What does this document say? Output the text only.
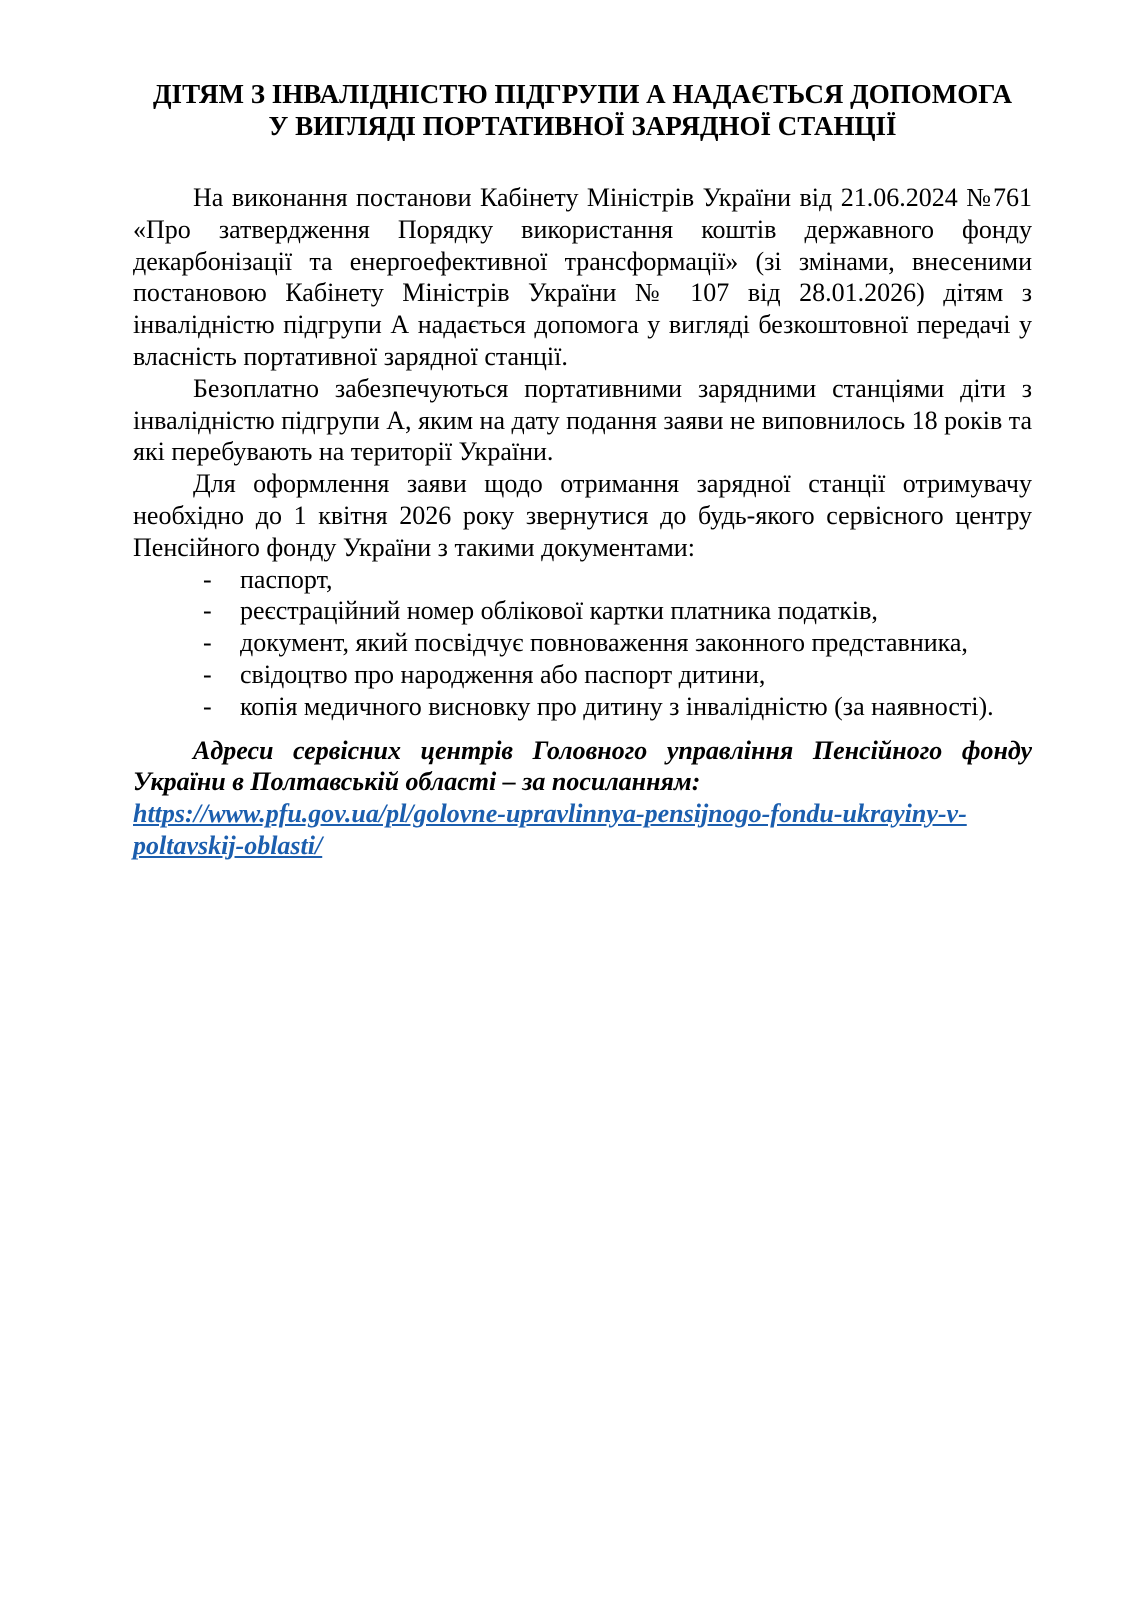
ДІТЯМ З ІНВАЛІДНІСТЮ ПІДГРУПИ А НАДАЄТЬСЯ ДОПОМОГА
У ВИГЛЯДІ ПОРТАТИВНОЇ ЗАРЯДНОЇ СТАНЦІЇ

На виконання постанови Кабінету Міністрів України від 21.06.2024 №761 «Про затвердження Порядку використання коштів державного фонду декарбонізації та енергоефективної трансформації» (зі змінами, внесеними постановою Кабінету Міністрів України № 107 від 28.01.2026) дітям з інвалідністю підгрупи А надається допомога у вигляді безкоштовної передачі у власність портативної зарядної станції.

Безоплатно забезпечуються портативними зарядними станціями діти з інвалідністю підгрупи А, яким на дату подання заяви не виповнилось 18 років та які перебувають на території України.

Для оформлення заяви щодо отримання зарядної станції отримувачу необхідно до 1 квітня 2026 року звернутися до будь-якого сервісного центру Пенсійного фонду України з такими документами:

-	паспорт,
-	реєстраційний номер облікової картки платника податків,
-	документ, який посвідчує повноваження законного представника,
-	свідоцтво про народження або паспорт дитини,
-	копія медичного висновку про дитину з інвалідністю (за наявності).

Адреси сервісних центрів Головного управління Пенсійного фонду України в Полтавській області – за посиланням:

https://www.pfu.gov.ua/pl/golovne-upravlinnya-pensijnogo-fondu-ukrayiny-v-poltavskij-oblasti/
